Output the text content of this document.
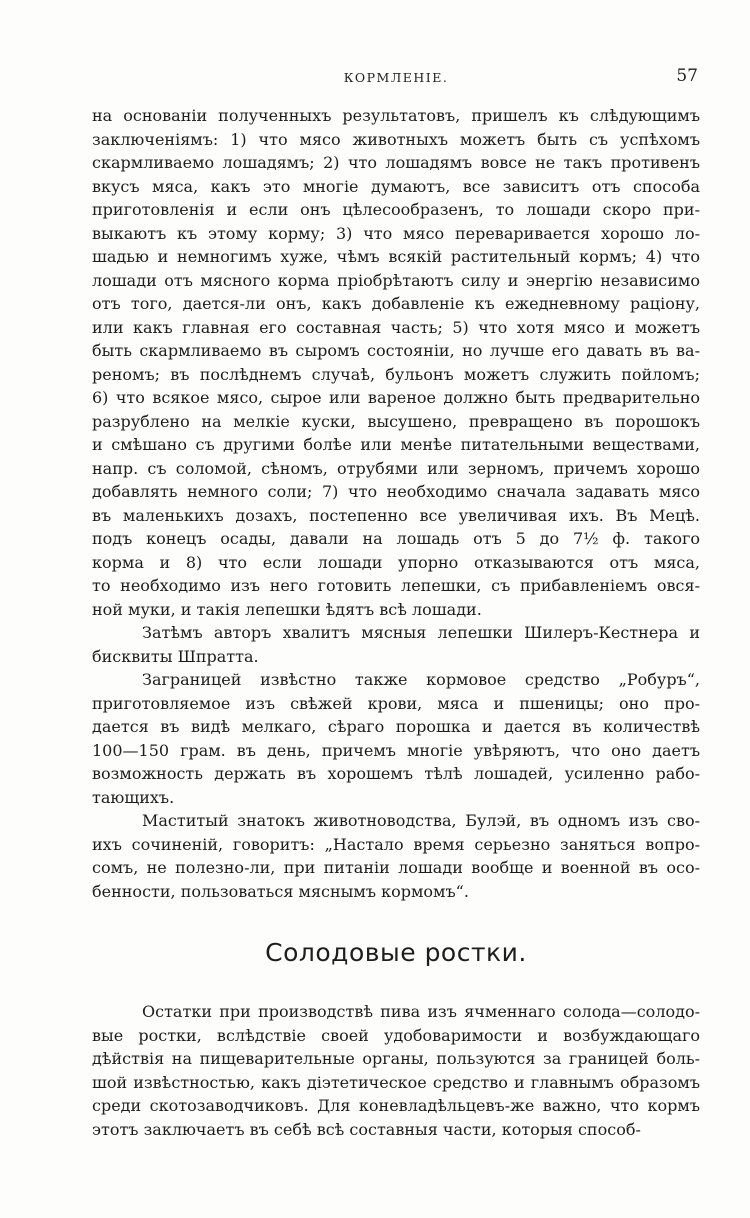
КОРМЛЕНІЕ.	57

на основаніи полученныхъ результатовъ, пришелъ къ слѣдующимъ
заключеніямъ: 1) что мясо животныхъ можетъ быть съ успѣхомъ
скармливаемо лошадямъ; 2) что лошадямъ вовсе не такъ противенъ
вкусъ мяса, какъ это многіе думаютъ, все зависитъ отъ способа
приготовленія и если онъ цѣлесообразенъ, то лошади скоро при-
выкаютъ къ этому корму; 3) что мясо переваривается хорошо ло-
шадью и немногимъ хуже, чѣмъ всякій растительный кормъ; 4) что
лошади отъ мясного корма пріобрѣтаютъ силу и энергію независимо
отъ того, дается-ли онъ, какъ добавленіе къ ежедневному раціону,
или какъ главная его составная часть; 5) что хотя мясо и можетъ
быть скармливаемо въ сыромъ состояніи, но лучше его давать въ ва-
реномъ; въ послѣднемъ случаѣ, бульонъ можетъ служить пойломъ;
6) что всякое мясо, сырое или вареное должно быть предварительно
разрублено на мелкіе куски, высушено, превращено въ порошокъ
и смѣшано съ другими болѣе или менѣе питательными веществами,
напр. съ соломой, сѣномъ, отрубями или зерномъ, причемъ хорошо
добавлять немного соли; 7) что необходимо сначала задавать мясо
въ маленькихъ дозахъ, постепенно все увеличивая ихъ. Въ Мецѣ.
подъ конецъ осады, давали на лошадь отъ 5 до 7½ ф. такого
корма и 8) что если лошади упорно отказываются отъ мяса,
то необходимо изъ него готовить лепешки, съ прибавленіемъ овся-
ной муки, и такія лепешки ѣдятъ всѣ лошади.

Затѣмъ авторъ хвалитъ мясныя лепешки Шилеръ-Кестнера и
бисквиты Шпратта.

Заграницей извѣстно также кормовое средство „Робуръ“,
приготовляемое изъ свѣжей крови, мяса и пшеницы; оно про-
дается въ видѣ мелкаго, сѣраго порошка и дается въ количествѣ
100—150 грам. въ день, причемъ многіе увѣряютъ, что оно даетъ
возможность держать въ хорошемъ тѣлѣ лошадей, усиленно рабо-
тающихъ.

Маститый знатокъ животноводства, Булэй, въ одномъ изъ сво-
ихъ сочиненій, говоритъ: „Настало время серьезно заняться вопро-
сомъ, не полезно-ли, при питаніи лошади вообще и военной въ осо-
бенности, пользоваться мяснымъ кормомъ“.

Солодовые ростки.

Остатки при производствѣ пива изъ ячменнаго солода—солодо-
вые ростки, вслѣдствіе своей удобоваримости и возбуждающаго
дѣйствія на пищеварительные органы, пользуются за границей боль-
шой извѣстностью, какъ діэтетическое средство и главнымъ образомъ
среди скотозаводчиковъ. Для коневладѣльцевъ-же важно, что кормъ
этотъ заключаетъ въ себѣ всѣ составныя части, которыя способ-
